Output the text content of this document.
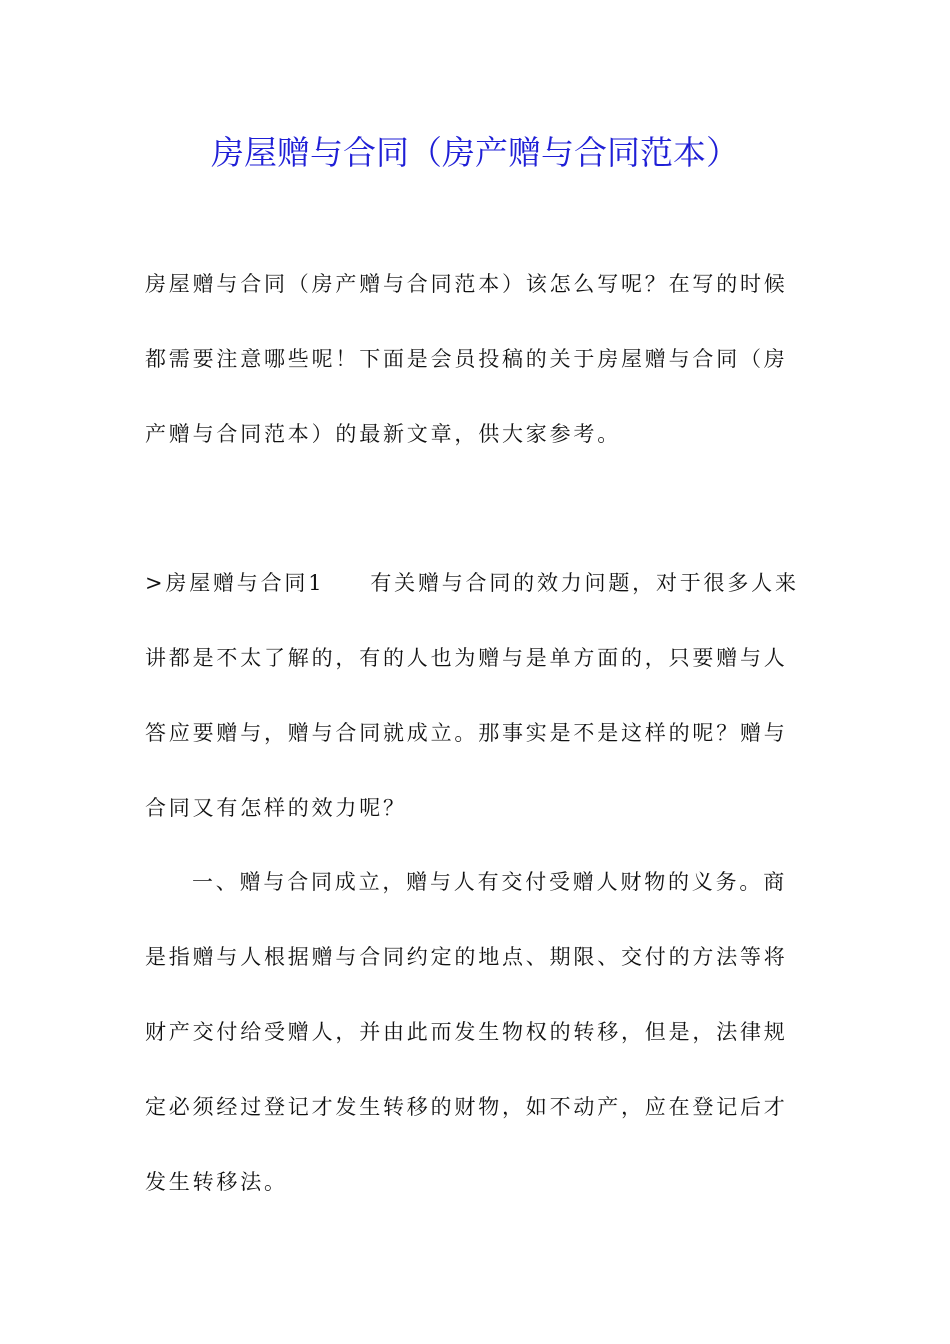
房屋赠与合同（房产赠与合同范本）
房屋赠与合同（房产赠与合同范本）该怎么写呢？在写的时候
都需要注意哪些呢！下面是会员投稿的关于房屋赠与合同（房
产赠与合同范本）的最新文章，供大家参考。
>房屋赠与合同1 有关赠与合同的效力问题，对于很多人来
讲都是不太了解的，有的人也为赠与是单方面的，只要赠与人
答应要赠与，赠与合同就成立。那事实是不是这样的呢？赠与
合同又有怎样的效力呢？
一、赠与合同成立，赠与人有交付受赠人财物的义务。商
是指赠与人根据赠与合同约定的地点、期限、交付的方法等将
财产交付给受赠人，并由此而发生物权的转移，但是，法律规
定必须经过登记才发生转移的财物，如不动产，应在登记后才
发生转移法。
